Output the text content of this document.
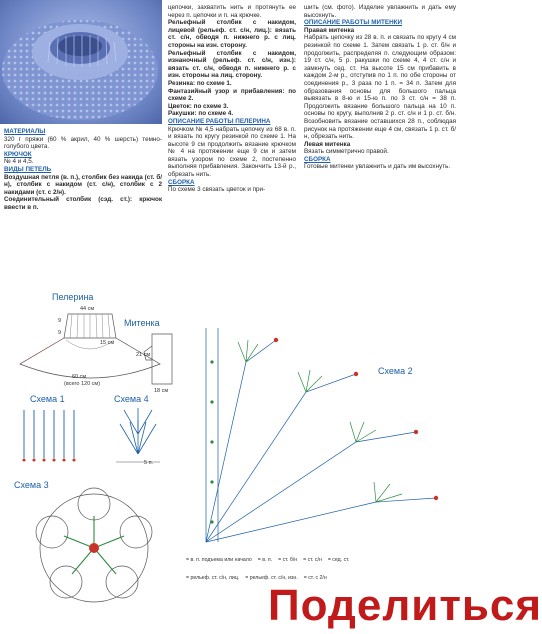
МАТЕРИАЛЫ

320 г пряжи (60 % акрил, 40 % шерсть) темно-голубого цвета.

КРЮЧОК

№ 4 и 4,5.

ВИДЫ ПЕТЕЛЬ

Воздушная петля (в. п.), столбик без накида (ст. б/н), столбик с накидом (ст. с/н), столбик с 2 накидами (ст. с 2/н).

Соединительный столбик (сэд. ст.): крючок ввести в п.

цепочки, захватить нить и протянуть ее через п. цепочки и п. на крючке.

Рельефный столбик с накидом, лицевой (рельеф. ст. с/н, лиц.): вязать ст. с/н, обводя п. нижнего р. с лиц. стороны на изн. сторону.

Рельефный столбик с накидом, изнаночный (рельеф. ст. с/н, изн.): вязать ст. с/н, обводя п. нижнего р. с изн. стороны на лиц. сторону.

Резинка: по схеме 1.

Фантазийный узор и прибавления: по схеме 2.

Цветок: по схеме 3.

Ракушки: по схеме 4.

ОПИСАНИЕ РАБОТЫ ПЕЛЕРИНА

Крючком № 4,5 набрать цепочку из 68 в. п. и вязать по кругу резинкой по схеме 1. На высоте 9 см продолжить вязание крючком № 4 на протяжении еще 9 см и затем вязать узором по схеме 2, постепенно выполняя прибавления. Закончить 13-й р., обрезать нить.

СБОРКА

По схеме 3 связать цветок и при-

шить (см. фото). Изделие увлажнить и дать ему высохнуть.

ОПИСАНИЕ РАБОТЫ МИТЕНКИ

Правая митенка

Набрать цепочку из 28 в. п. и связать по кругу 4 см резинкой по схеме 1. Затем связать 1 р. ст. б/н и продолжить, распределяя п. следующим образом: 19 ст. с/н, 5 р. ракушки по схеме 4, 4 ст. с/н и замкнуть сед. ст. На высоте 15 см прибавить в каждом 2-м р., отступив по 1 п. по обе стороны от соединения р., 3 раза по 1 п. = 34 п. Затем для образования основы для большого пальца вывязать в 8-ю и 15-ю п. по 3 ст. с/н = 38 п. Продолжить вязание большого пальца на 10 п. основы по кругу, выполнив 2 р. ст. с/н и 1 р. ст. б/н. Возобновить вязание оставшихся 28 п., соблюдая рисунок на протяжении еще 4 см, связать 1 р. ст. б/н, обрезать нить.

Левая митенка

Вязать симметрично правой.

СБОРКА

Готовые митенки увлажнить и дать им высохнуть.

Пелерина
44 см
9
9
15 см
60 см
(всего 120 см)
Митенка
21 см
18 см
Схема 1	Схема 4
5 п.
Схема 3
Схема 2
= в. п. подъема или начало = в. п. = ст. б/н = ст. с/н = сед. ст.
= рельеф. ст. с/н, лиц. = рельеф. ст. с/н, изн. = ст. с 2/н
Поделиться
